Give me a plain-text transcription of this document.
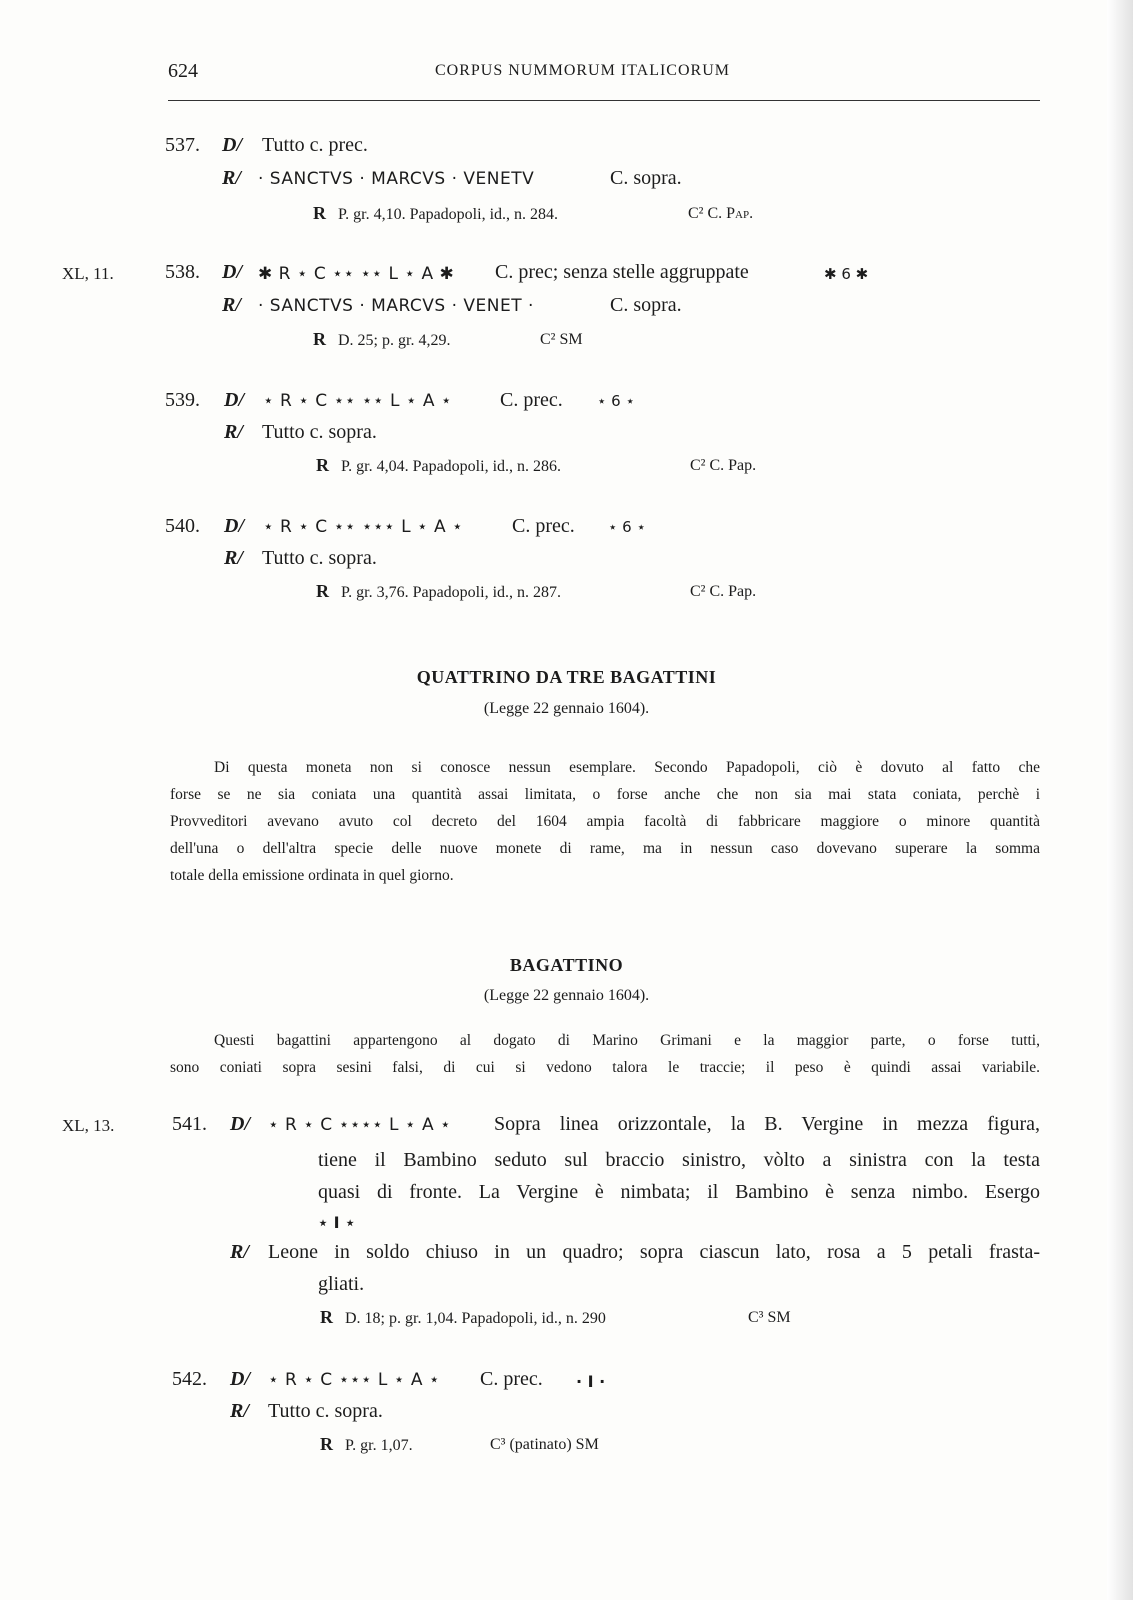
624	CORPUS NUMMORUM ITALICORUM
537. D/ Tutto c. prec.
R/ · SANCTVS · MARCVS · VENETV	C. sopra.
R P. gr. 4,10. Papadopoli, id., n. 284.	C² C. Pap.
XL, 11.	538. D/ ✱ R ⋆ C ⋆⋆ ⋆⋆ L ⋆ A ✱ C. prec; senza stelle aggruppate	✱ 6 ✱
R/ · SANCTVS · MARCVS · VENET ·	C. sopra.
R D. 25; p. gr. 4,29.	C² SM
539. D/ ⋆ R ⋆ C ⋆⋆ ⋆⋆ L ⋆ A ⋆ C. prec. ⋆ 6 ⋆
R/ Tutto c. sopra.
R P. gr. 4,04. Papadopoli, id., n. 286.	C² C. Pap.
540. D/ ⋆ R ⋆ C ⋆⋆ ⋆⋆⋆ L ⋆ A ⋆ C. prec. ⋆ 6 ⋆
R/ Tutto c. sopra.
R P. gr. 3,76. Papadopoli, id., n. 287.	C² C. Pap.
QUATTRINO DA TRE BAGATTINI
(Legge 22 gennaio 1604).
Di questa moneta non si conosce nessun esemplare. Secondo Papadopoli, ciò è dovuto al fatto che
forse se ne sia coniata una quantità assai limitata, o forse anche che non sia mai stata coniata, perchè i
Provveditori avevano avuto col decreto del 1604 ampia facoltà di fabbricare maggiore o minore quantità
dell'una o dell'altra specie delle nuove monete di rame, ma in nessun caso dovevano superare la somma
totale della emissione ordinata in quel giorno.
BAGATTINO
(Legge 22 gennaio 1604).
Questi bagattini appartengono al dogato di Marino Grimani e la maggior parte, o forse tutti,
sono coniati sopra sesini falsi, di cui si vedono talora le traccie; il peso è quindi assai variabile.
XL, 13.	541. D/ ⋆ R ⋆ C ⋆⋆⋆⋆ L ⋆ A ⋆ Sopra linea orizzontale, la B. Vergine in mezza figura,
tiene il Bambino seduto sul braccio sinistro, vòlto a sinistra con la testa
quasi di fronte. La Vergine è nimbata; il Bambino è senza nimbo. Esergo
⋆ I ⋆
R/ Leone in soldo chiuso in un quadro; sopra ciascun lato, rosa a 5 petali frasta-
gliati.
R D. 18; p. gr. 1,04. Papadopoli, id., n. 290	C³ SM
542. D/ ⋆ R ⋆ C ⋆⋆⋆ L ⋆ A ⋆ C. prec. · I ·
R/ Tutto c. sopra.
R P. gr. 1,07.	C³ (patinato) SM
